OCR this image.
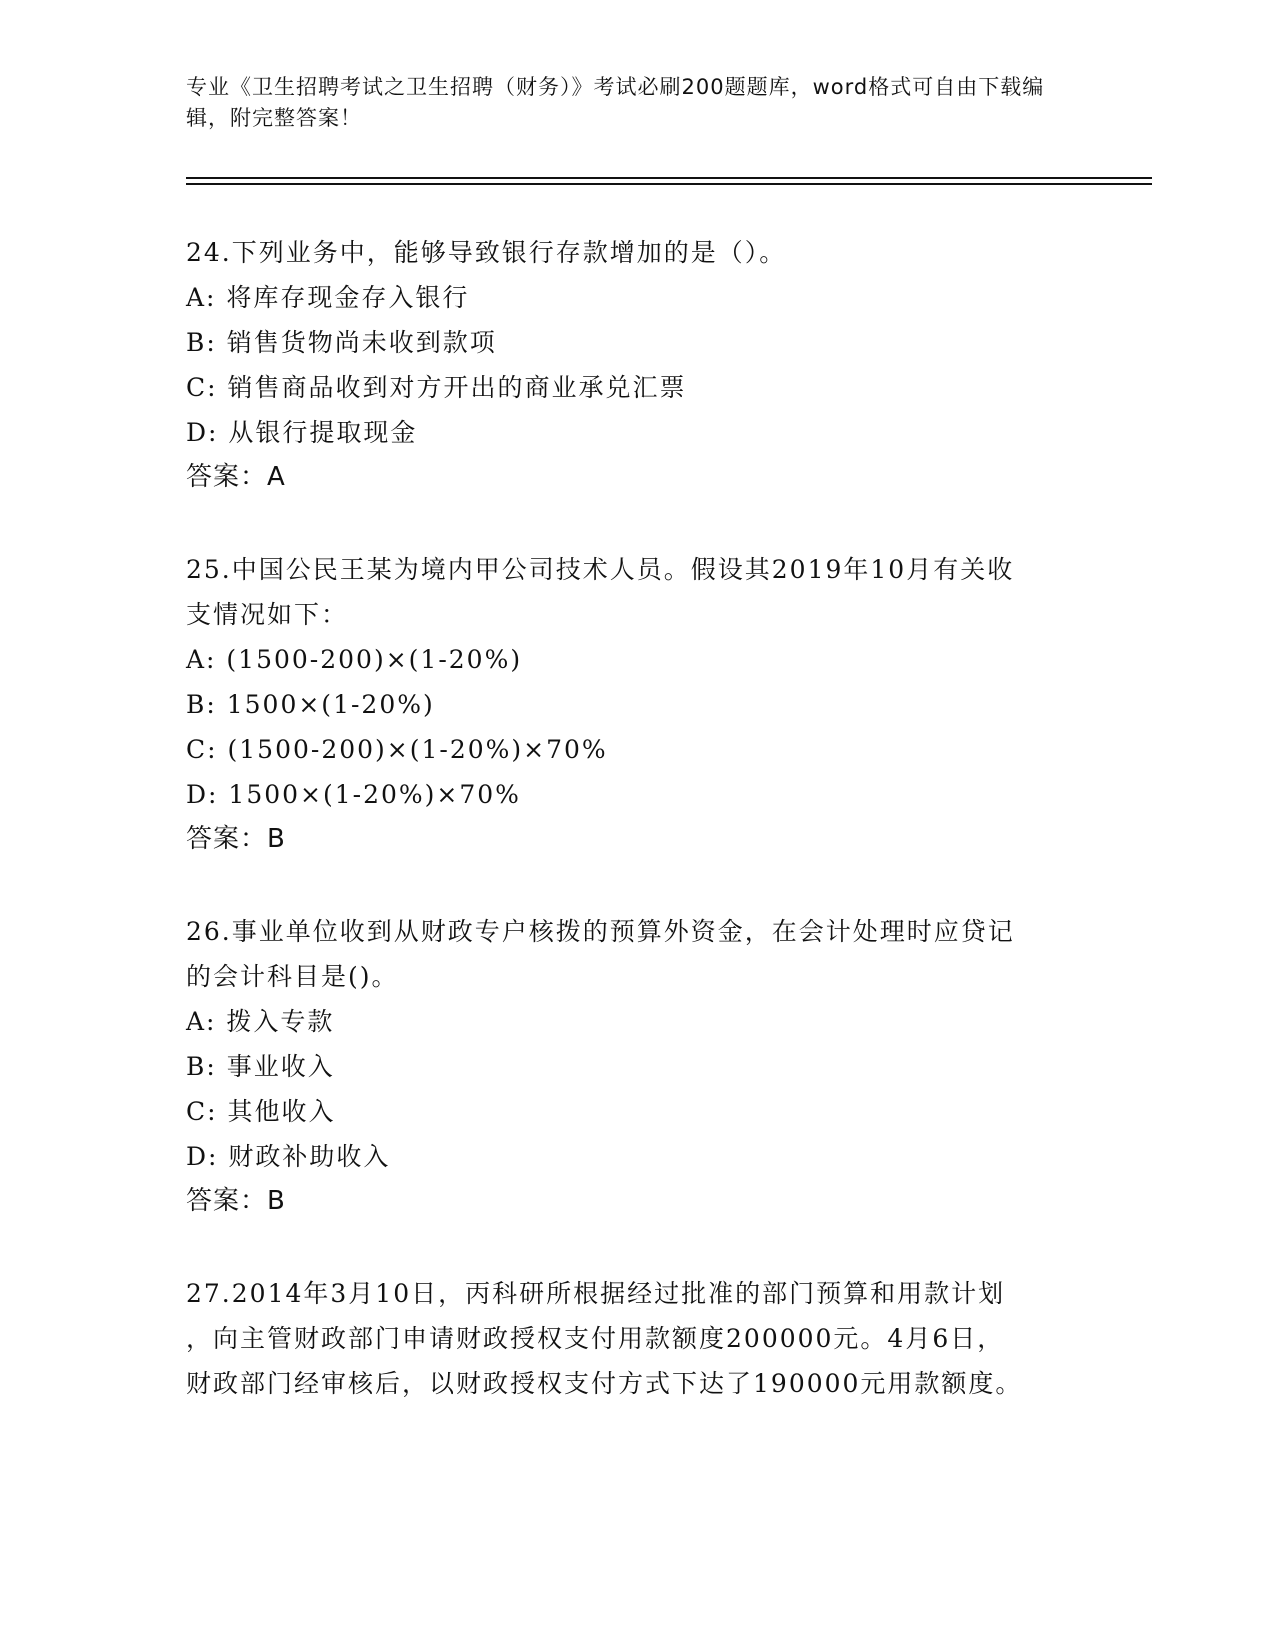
专业《卫生招聘考试之卫生招聘（财务）》考试必刷200题题库，word格式可自由下载编辑，附完整答案！
24.下列业务中，能够导致银行存款增加的是（）。
A: 将库存现金存入银行
B: 销售货物尚未收到款项
C: 销售商品收到对方开出的商业承兑汇票
D: 从银行提取现金
答案：A
25.中国公民王某为境内甲公司技术人员。假设其2019年10月有关收
支情况如下：
A: (1500-200)×(1-20%)
B: 1500×(1-20%)
C: (1500-200)×(1-20%)×70%
D: 1500×(1-20%)×70%
答案：B
26.事业单位收到从财政专户核拨的预算外资金，在会计处理时应贷记
的会计科目是()。
A: 拨入专款
B: 事业收入
C: 其他收入
D: 财政补助收入
答案：B
27.2014年3月10日，丙科研所根据经过批准的部门预算和用款计划
，向主管财政部门申请财政授权支付用款额度200000元。4月6日，
财政部门经审核后，以财政授权支付方式下达了190000元用款额度。
